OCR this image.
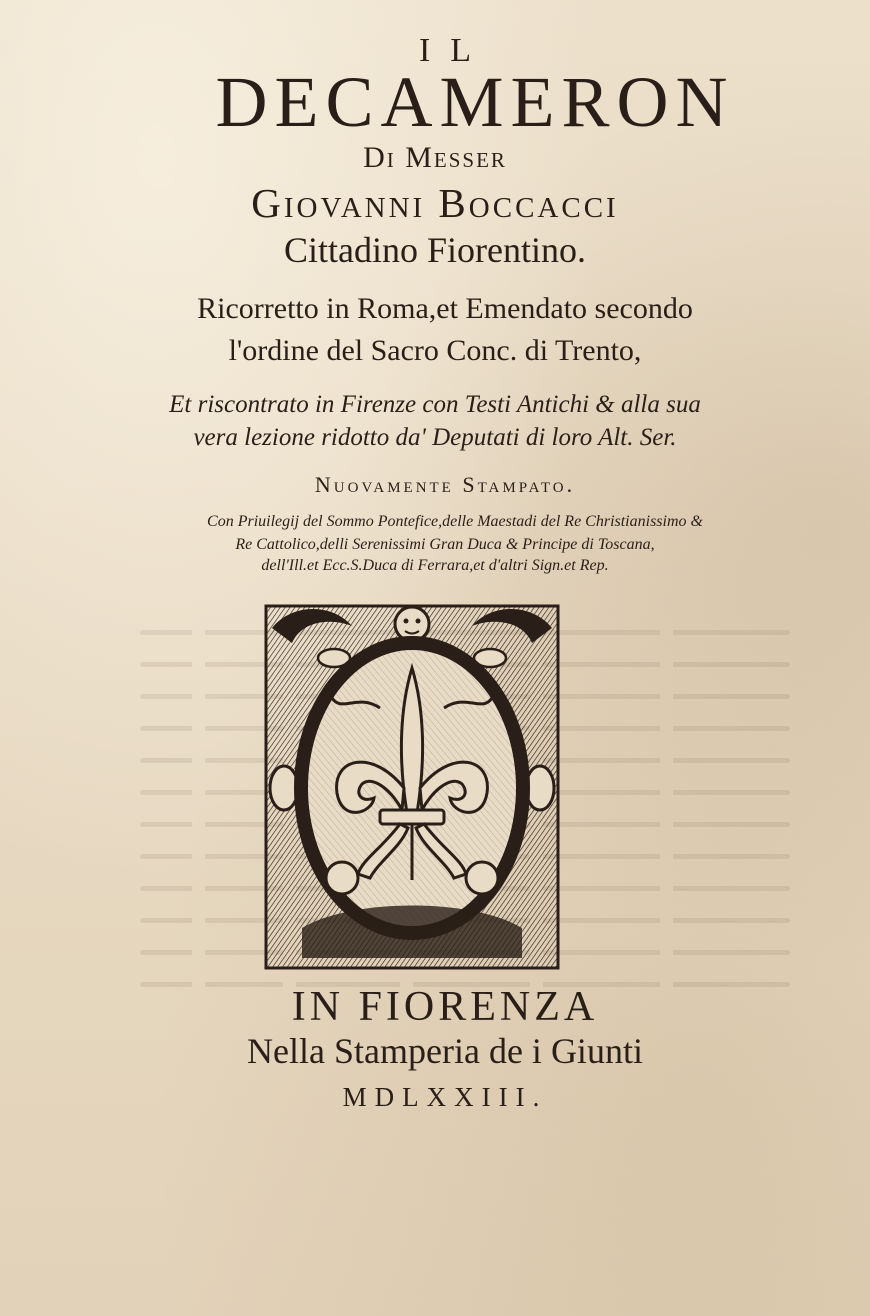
IL
DECAMERON
Di Messer
Giovanni Boccacci
Cittadino Fiorentino.
Ricorretto in Roma,et Emendato secondo
l'ordine del Sacro Conc. di Trento,
Et riscontrato in Firenze con Testi Antichi & alla sua
vera lezione ridotto da' Deputati di loro Alt. Ser.
Nuovamente Stampato.
Con Priuilegij del Sommo Pontefice,delle Maestadi del Re Christianissimo &
Re Cattolico,delli Serenissimi Gran Duca & Principe di Toscana,
dell'Ill.et Ecc.S.Duca di Ferrara,et d'altri Sign.et Rep.
IN FIORENZA
Nella Stamperia de i Giunti
MDLXXIII.
